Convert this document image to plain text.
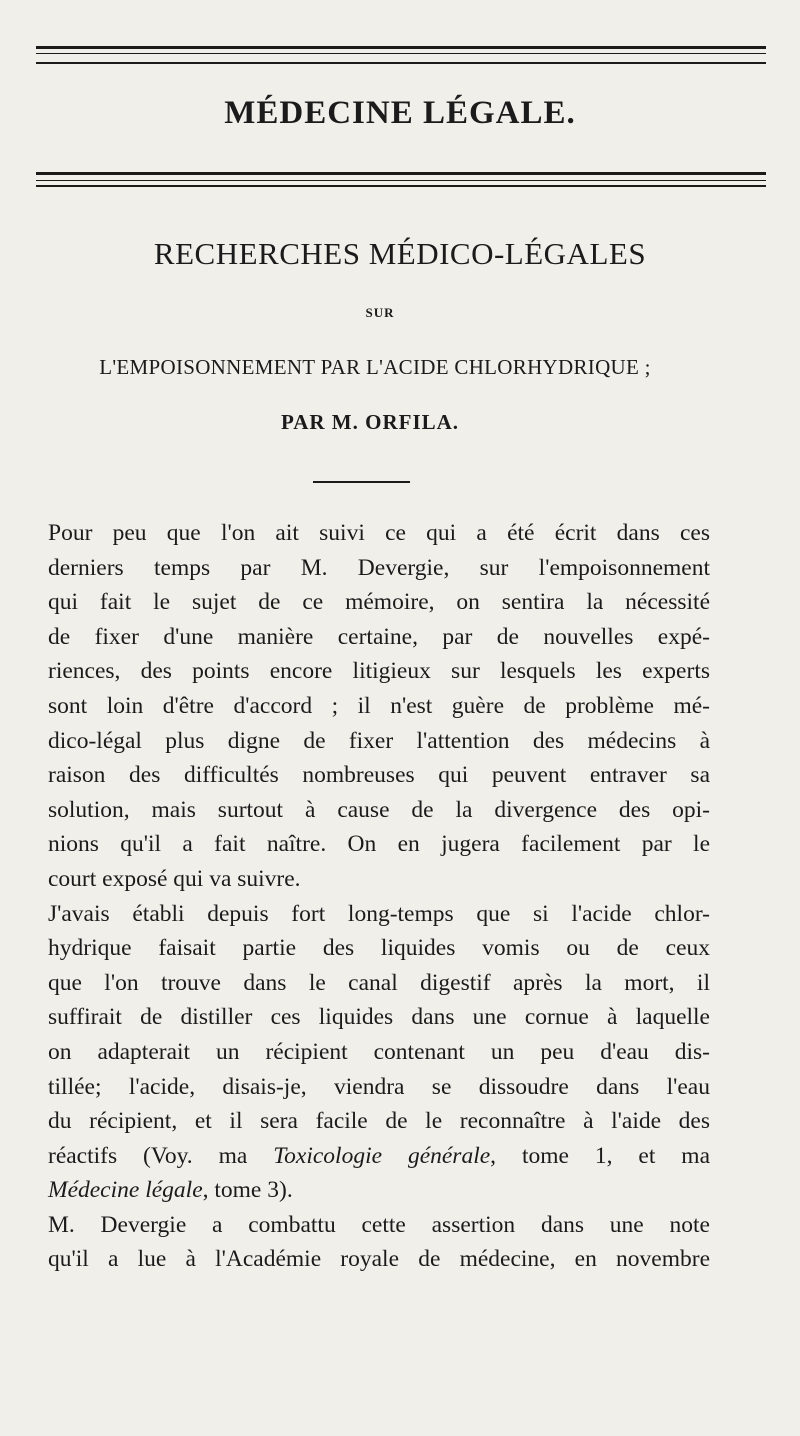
MÉDECINE LÉGALE.
RECHERCHES MÉDICO-LÉGALES
SUR
L'EMPOISONNEMENT PAR L'ACIDE CHLORHYDRIQUE ;
PAR M. ORFILA.

Pour peu que l'on ait suivi ce qui a été écrit dans ces
derniers temps par M. Devergie, sur l'empoisonnement
qui fait le sujet de ce mémoire, on sentira la nécessité
de fixer d'une manière certaine, par de nouvelles expé-
riences, des points encore litigieux sur lesquels les experts
sont loin d'être d'accord ; il n'est guère de problème mé-
dico-légal plus digne de fixer l'attention des médecins à
raison des difficultés nombreuses qui peuvent entraver sa
solution, mais surtout à cause de la divergence des opi-
nions qu'il a fait naître. On en jugera facilement par le
court exposé qui va suivre.

J'avais établi depuis fort long-temps que si l'acide chlor-
hydrique faisait partie des liquides vomis ou de ceux
que l'on trouve dans le canal digestif après la mort, il
suffirait de distiller ces liquides dans une cornue à laquelle
on adapterait un récipient contenant un peu d'eau dis-
tillée; l'acide, disais-je, viendra se dissoudre dans l'eau
du récipient, et il sera facile de le reconnaître à l'aide des
réactifs (Voy. ma Toxicologie générale, tome 1, et ma
Médecine légale, tome 3).

M. Devergie a combattu cette assertion dans une note
qu'il a lue à l'Académie royale de médecine, en novembre
